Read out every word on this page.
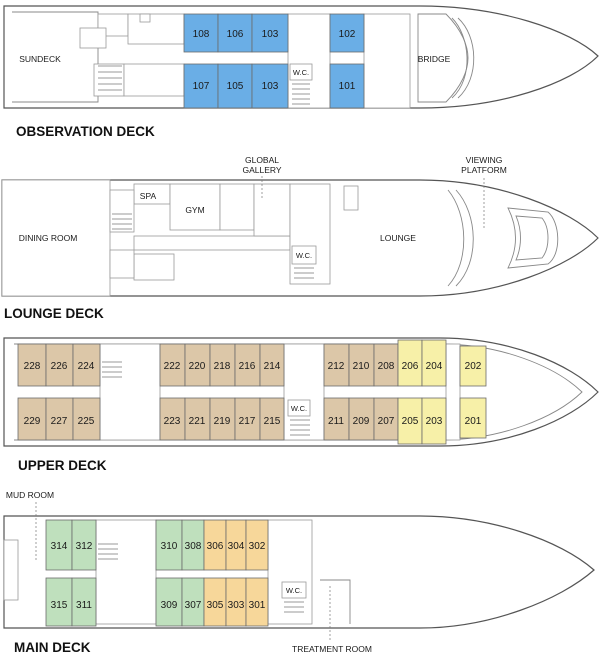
108 106 103	102
107 105 103	101
SUNDECK	BRIDGE
W.C.
OBSERVATION DECK
DINING ROOM
SPA
GYM
GLOBAL
GALLERY
VIEWING
PLATFORM
LOUNGE
W.C.
LOUNGE DECK
228 226 224	222 220 218 216 214	212 210 208 206 204 202
229 227 225	223 221 219 217 215	211 209 207 205 203 201
W.C.
UPPER DECK
314 312	310 308 306 304 302
315 311	309 307 305 303 301
MUD ROOM
TREATMENT ROOM
W.C.
MAIN DECK
